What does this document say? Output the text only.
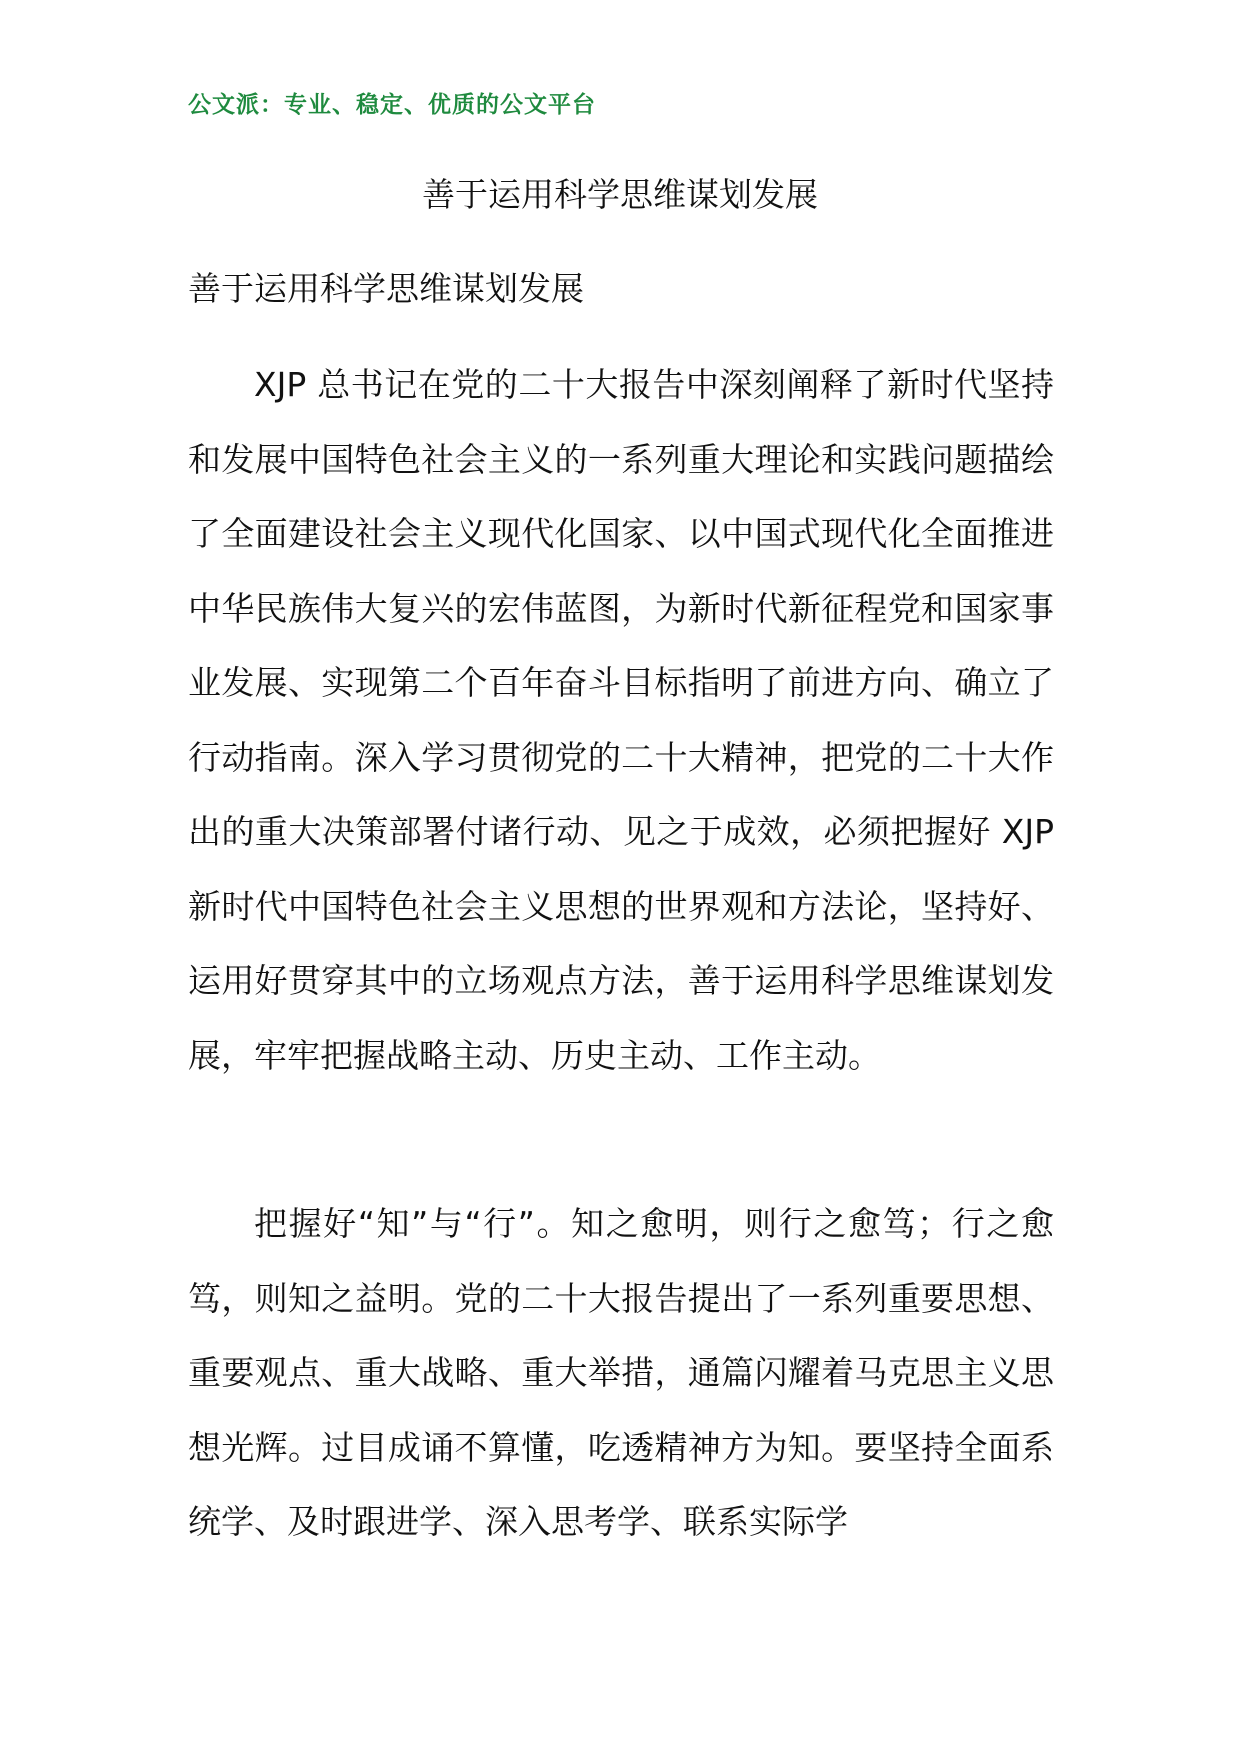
公文派：专业、稳定、优质的公文平台
善于运用科学思维谋划发展
善于运用科学思维谋划发展

XJP 总书记在党的二十大报告中深刻阐释了新时代坚持和发展中国特色社会主义的一系列重大理论和实践问题描绘了全面建设社会主义现代化国家、以中国式现代化全面推进中华民族伟大复兴的宏伟蓝图，为新时代新征程党和国家事业发展、实现第二个百年奋斗目标指明了前进方向、确立了行动指南。深入学习贯彻党的二十大精神，把党的二十大作出的重大决策部署付诸行动、见之于成效，必须把握好 XJP 新时代中国特色社会主义思想的世界观和方法论，坚持好、运用好贯穿其中的立场观点方法，善于运用科学思维谋划发展，牢牢把握战略主动、历史主动、工作主动。

把握好“知”与“行”。知之愈明，则行之愈笃；行之愈笃，则知之益明。党的二十大报告提出了一系列重要思想、重要观点、重大战略、重大举措，通篇闪耀着马克思主义思想光辉。过目成诵不算懂，吃透精神方为知。要坚持全面系统学、及时跟进学、深入思考学、联系实际学
